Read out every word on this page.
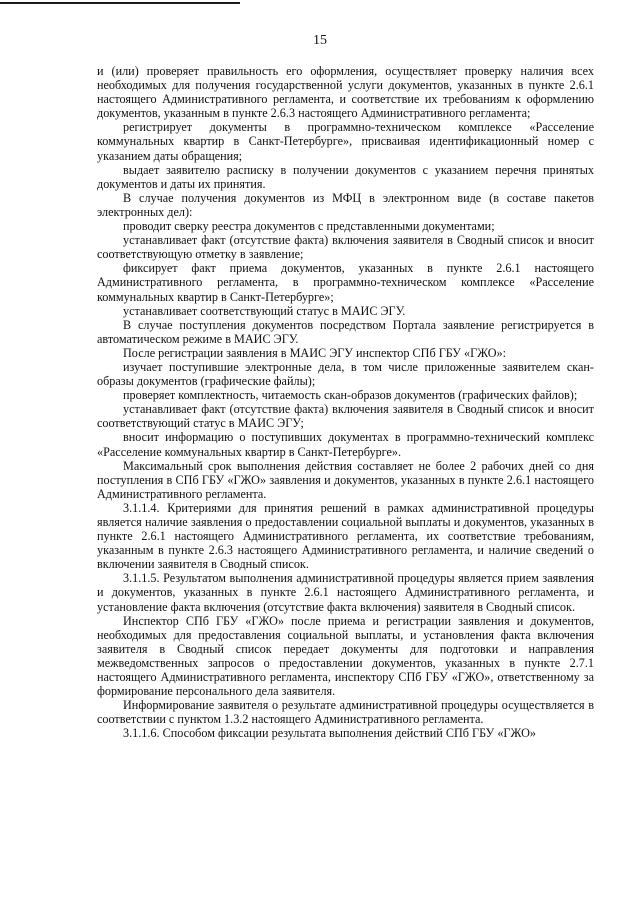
15

и (или) проверяет правильность его оформления, осуществляет проверку наличия всех необходимых для получения государственной услуги документов, указанных в пункте 2.6.1 настоящего Административного регламента, и соответствие их требованиям к оформлению документов, указанным в пункте 2.6.3 настоящего Административного регламента;

регистрирует документы в программно-техническом комплексе «Расселение коммунальных квартир в Санкт-Петербурге», присваивая идентификационный номер с указанием даты обращения;

выдает заявителю расписку в получении документов с указанием перечня принятых документов и даты их принятия.

В случае получения документов из МФЦ в электронном виде (в составе пакетов электронных дел):

проводит сверку реестра документов с представленными документами;

устанавливает факт (отсутствие факта) включения заявителя в Сводный список и вносит соответствующую отметку в заявление;

фиксирует факт приема документов, указанных в пункте 2.6.1 настоящего Административного регламента, в программно-техническом комплексе «Расселение коммунальных квартир в Санкт-Петербурге»;

устанавливает соответствующий статус в МАИС ЭГУ.

В случае поступления документов посредством Портала заявление регистрируется в автоматическом режиме в МАИС ЭГУ.

После регистрации заявления в МАИС ЭГУ инспектор СПб ГБУ «ГЖО»:

изучает поступившие электронные дела, в том числе приложенные заявителем скан-образы документов (графические файлы);

проверяет комплектность, читаемость скан-образов документов (графических файлов);

устанавливает факт (отсутствие факта) включения заявителя в Сводный список и вносит соответствующий статус в МАИС ЭГУ;

вносит информацию о поступивших документах в программно-технический комплекс «Расселение коммунальных квартир в Санкт-Петербурге».

Максимальный срок выполнения действия составляет не более 2 рабочих дней со дня поступления в СПб ГБУ «ГЖО» заявления и документов, указанных в пункте 2.6.1 настоящего Административного регламента.

3.1.1.4. Критериями для принятия решений в рамках административной процедуры является наличие заявления о предоставлении социальной выплаты и документов, указанных в пункте 2.6.1 настоящего Административного регламента, их соответствие требованиям, указанным в пункте 2.6.3 настоящего Административного регламента, и наличие сведений о включении заявителя в Сводный список.

3.1.1.5. Результатом выполнения административной процедуры является прием заявления и документов, указанных в пункте 2.6.1 настоящего Административного регламента, и установление факта включения (отсутствие факта включения) заявителя в Сводный список.

Инспектор СПб ГБУ «ГЖО» после приема и регистрации заявления и документов, необходимых для предоставления социальной выплаты, и установления факта включения заявителя в Сводный список передает документы для подготовки и направления межведомственных запросов о предоставлении документов, указанных в пункте 2.7.1 настоящего Административного регламента, инспектору СПб ГБУ «ГЖО», ответственному за формирование персонального дела заявителя.

Информирование заявителя о результате административной процедуры осуществляется в соответствии с пунктом 1.3.2 настоящего Административного регламента.

3.1.1.6. Способом фиксации результата выполнения действий СПб ГБУ «ГЖО»
